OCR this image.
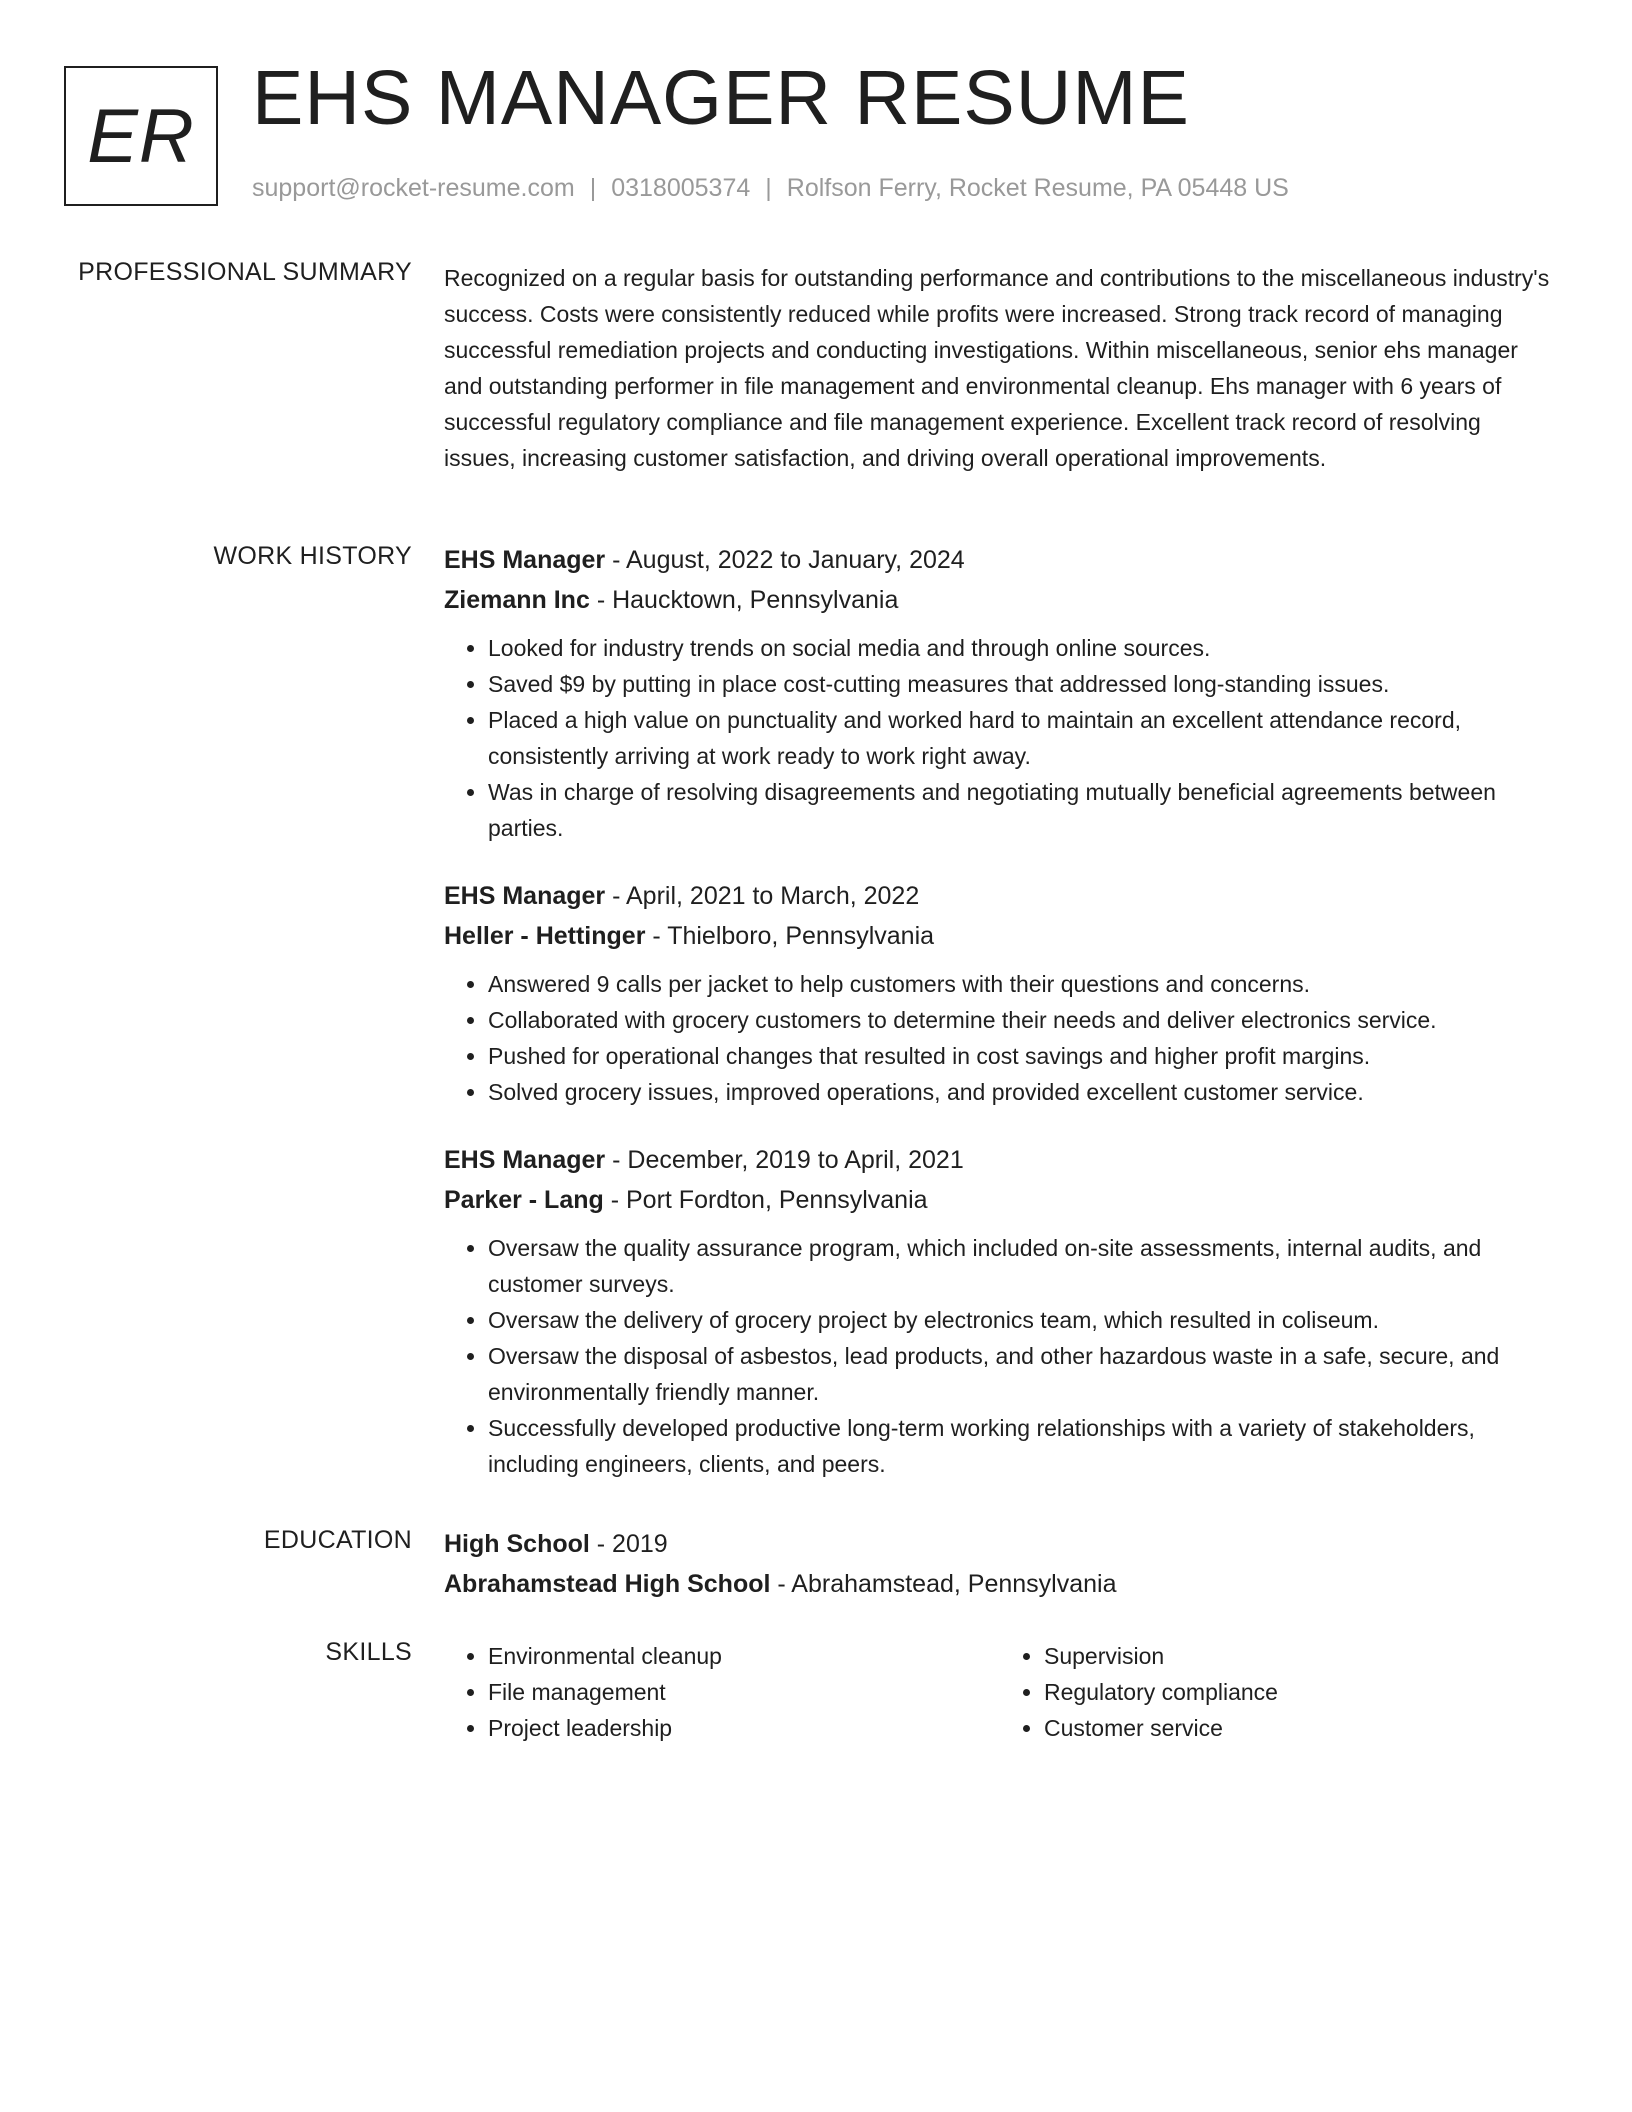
ER EHS MANAGER RESUME
support@rocket-resume.com | 0318005374 | Rolfson Ferry, Rocket Resume, PA 05448 US
PROFESSIONAL SUMMARY Recognized on a regular basis for outstanding performance and contributions to the miscellaneous industry's success. Costs were consistently reduced while profits were increased. Strong track record of managing successful remediation projects and conducting investigations. Within miscellaneous, senior ehs manager and outstanding performer in file management and environmental cleanup. Ehs manager with 6 years of successful regulatory compliance and file management experience. Excellent track record of resolving issues, increasing customer satisfaction, and driving overall operational improvements.

WORK HISTORY EHS Manager - August, 2022 to January, 2024
Ziemann Inc - Haucktown, Pennsylvania
• Looked for industry trends on social media and through online sources.
• Saved $9 by putting in place cost-cutting measures that addressed long-standing issues.
• Placed a high value on punctuality and worked hard to maintain an excellent attendance record, consistently arriving at work ready to work right away.
• Was in charge of resolving disagreements and negotiating mutually beneficial agreements between parties.
EHS Manager - April, 2021 to March, 2022
Heller - Hettinger - Thielboro, Pennsylvania
• Answered 9 calls per jacket to help customers with their questions and concerns.
• Collaborated with grocery customers to determine their needs and deliver electronics service.
• Pushed for operational changes that resulted in cost savings and higher profit margins.
• Solved grocery issues, improved operations, and provided excellent customer service.
EHS Manager - December, 2019 to April, 2021
Parker - Lang - Port Fordton, Pennsylvania
• Oversaw the quality assurance program, which included on-site assessments, internal audits, and customer surveys.
• Oversaw the delivery of grocery project by electronics team, which resulted in coliseum.
• Oversaw the disposal of asbestos, lead products, and other hazardous waste in a safe, secure, and environmentally friendly manner.
• Successfully developed productive long-term working relationships with a variety of stakeholders, including engineers, clients, and peers.
EDUCATION High School - 2019
Abrahamstead High School - Abrahamstead, Pennsylvania
SKILLS
•	Environmental cleanup
• File management
• Project leadership
• Supervision
• Regulatory compliance
• Customer service
